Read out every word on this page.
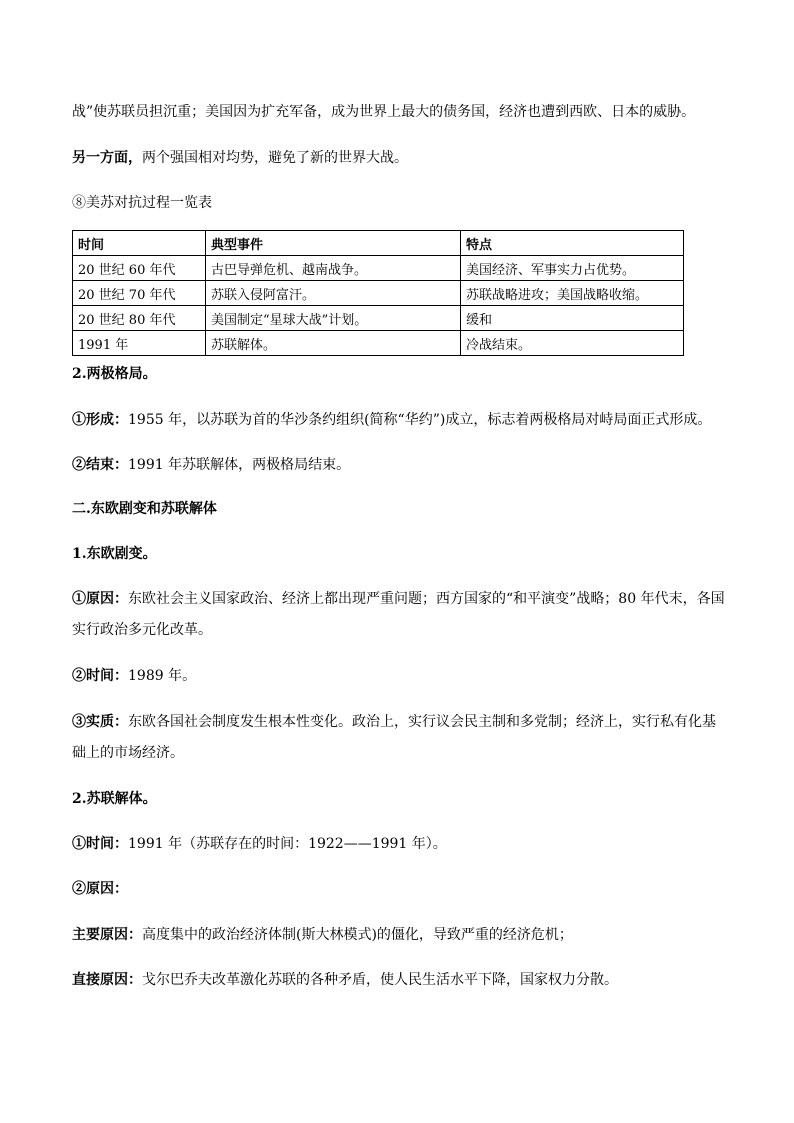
战”使苏联员担沉重；美国因为扩充军备，成为世界上最大的债务国，经济也遭到西欧、日本的威胁。
另一方面，两个强国相对均势，避免了新的世界大战。
⑧美苏对抗过程一览表
时间	典型事件	特点
20 世纪 60 年代	古巴导弹危机、越南战争。	美国经济、军事实力占优势。
20 世纪 70 年代	苏联入侵阿富汗。	苏联战略进攻；美国战略收缩。
20 世纪 80 年代	美国制定“星球大战”计划。	缓和
1991 年	苏联解体。	冷战结束。
2.两极格局。
①形成：1955 年，以苏联为首的华沙条约组织(简称“华约”)成立，标志着两极格局对峙局面正式形成。
②结束：1991 年苏联解体，两极格局结束。
二.东欧剧变和苏联解体
1.东欧剧变。
①原因：东欧社会主义国家政治、经济上都出现严重问题；西方国家的“和平演变”战略；80 年代末，各国
实行政治多元化改革。
②时间：1989 年。
③实质：东欧各国社会制度发生根本性变化。政治上，实行议会民主制和多党制；经济上，实行私有化基
础上的市场经济。
2.苏联解体。
①时间：1991 年（苏联存在的时间：1922——1991 年）。
②原因：
主要原因：高度集中的政治经济体制(斯大林模式)的僵化，导致严重的经济危机；
直接原因：戈尔巴乔夫改革激化苏联的各种矛盾，使人民生活水平下降，国家权力分散。
